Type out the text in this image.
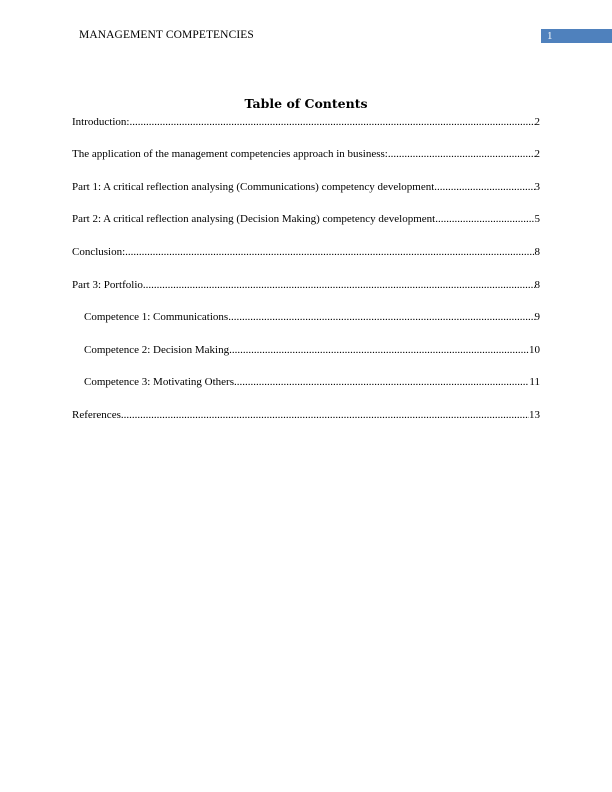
MANAGEMENT COMPETENCIES	1
Table of Contents
Introduction: .....	2
The application of the management competencies approach in business: .....	2
Part 1: A critical reflection analysing (Communications) competency development .....	3
Part 2: A critical reflection analysing (Decision Making) competency development .....	5
Conclusion: .....	8
Part 3: Portfolio .....	8
Competence 1: Communications .....	9
Competence 2: Decision Making .....	10
Competence 3: Motivating Others .....	11
References .....	13
